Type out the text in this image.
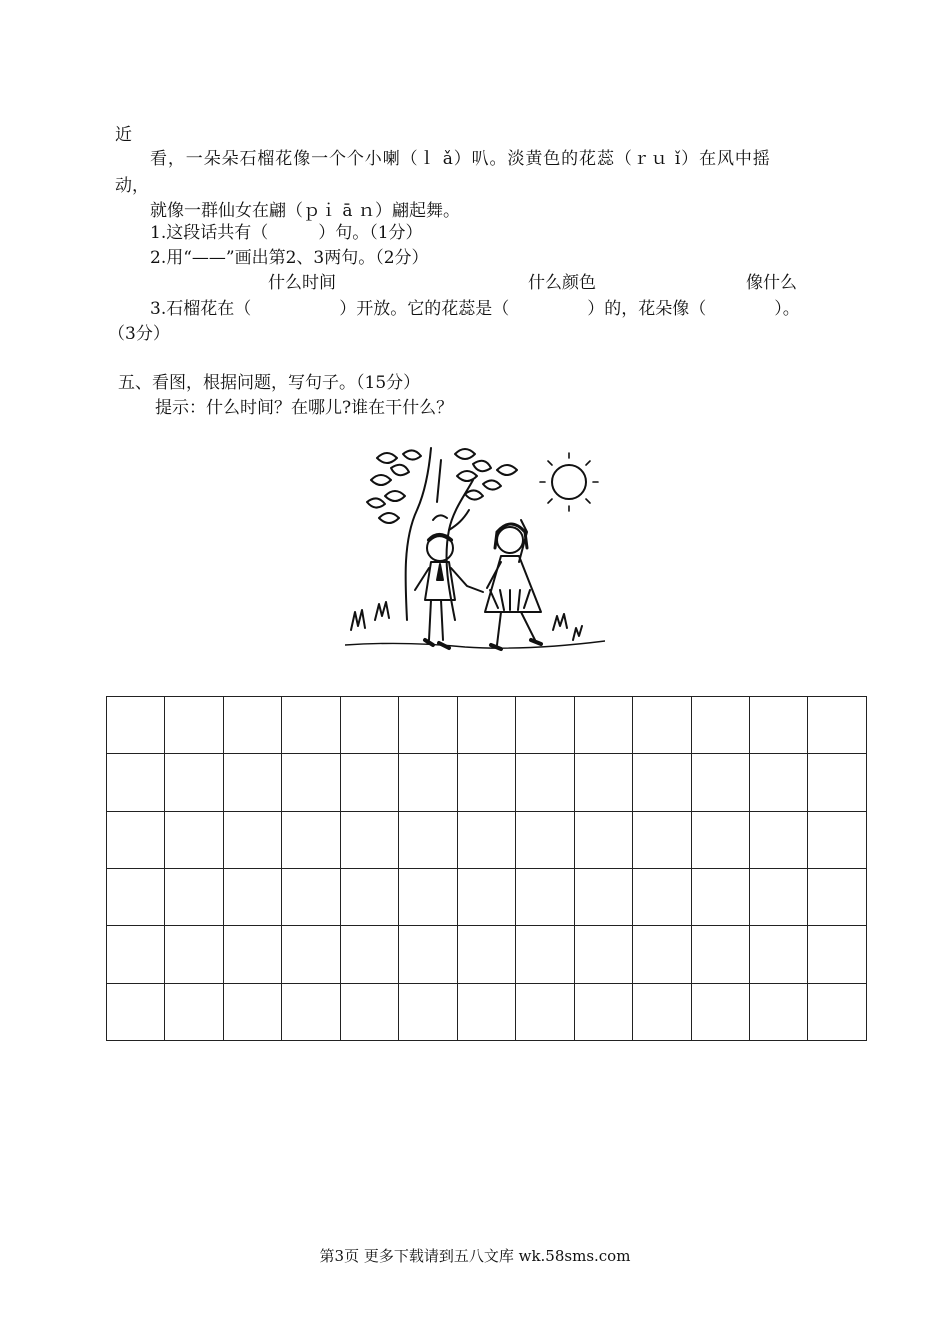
近
看，一朵朵石榴花像一个个小喇（ｌ ǎ）叭。淡黄色的花蕊（ｒｕ ǐ）在风中摇
动，
就像一群仙女在翩（ｐｉ ā ｎ）翩起舞。
1.这段话共有（	）句。（1分）
2.用“——”画出第2、3两句。（2分）
什么时间	什么颜色	像什么
3.石榴花在（	）开放。它的花蕊是（	）的，花朵像（	）。
（3分）
五、看图，根据问题，写句子。（15分）
提示：什么时间？在哪儿?谁在干什么？

第3页 更多下载请到五八文库 wk.58sms.com
